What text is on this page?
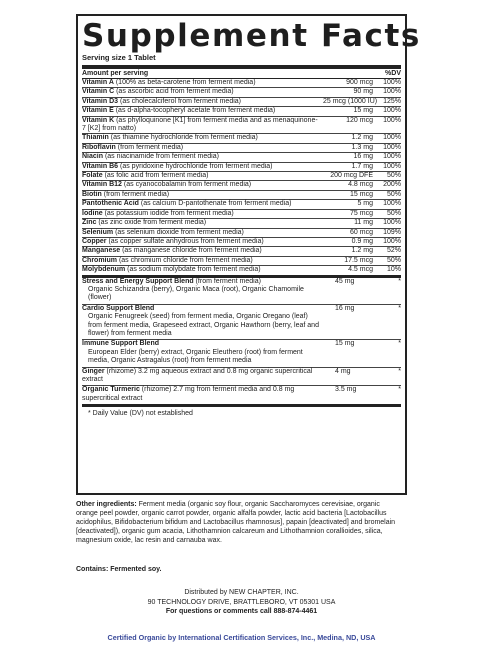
Supplement Facts
Serving size 1 Tablet
Amount per serving	%DV
Vitamin A (100% as beta-carotene from ferment media)	900 mcg	100%
Vitamin C (as ascorbic acid from ferment media)	90 mg	100%
Vitamin D3 (as cholecalciferol from ferment media)	25 mcg (1000 IU) 125%
Vitamin E (as d-alpha-tocopheryl acetate from ferment media)	15 mg	100%
Vitamin K (as phylloquinone [K1] from ferment media and as menaquinone-7 [K2] from natto)
120 mcg	100%
Thiamin (as thiamine hydrochloride from ferment media)	1.2 mg	100%
Riboflavin (from ferment media)	1.3 mg	100%
Niacin (as niacinamide from ferment media)	16 mg	100%
Vitamin B6 (as pyridoxine hydrochloride from ferment media)	1.7 mg	100%
Folate (as folic acid from ferment media)	200 mcg DFE	50%
Vitamin B12 (as cyanocobalamin from ferment media)	4.8 mcg	200%
Biotin (from ferment media)	15 mcg	50%
Pantothenic Acid (as calcium D-pantothenate from ferment media)	5 mg	100%
Iodine (as potassium iodide from ferment media)	75 mcg	50%
Zinc (as zinc oxide from ferment media)	11 mg	100%
Selenium (as selenium dioxide from ferment media)	60 mcg	109%
Copper (as copper sulfate anhydrous from ferment media)	0.9 mg	100%
Manganese (as manganese chloride from ferment media)	1.2 mg	52%
Chromium (as chromium chloride from ferment media)	17.5 mcg	50%
Molybdenum (as sodium molybdate from ferment media)	4.5 mcg	10%
Stress and Energy Support Blend (from ferment media)
Organic Schizandra (berry), Organic Maca (root), Organic Chamomile (flower)
45 mg	*
Cardio Support Blend
Organic Fenugreek (seed) from ferment media, Organic Oregano (leaf) from ferment media, Grapeseed extract, Organic Hawthorn (berry, leaf and flower) from ferment media
16 mg	*
Immune Support Blend
European Elder (berry) extract, Organic Eleuthero (root) from ferment media, Organic Astragalus (root) from ferment media
15 mg	*
Ginger (rhizome) 3.2 mg aqueous extract and 0.8 mg organic supercritical extract
4 mg	*
Organic Turmeric (rhizome) 2.7 mg from ferment media and 0.8 mg supercritical extract
3.5 mg	*
* Daily Value (DV) not established
Other ingredients: Ferment media (organic soy flour, organic Saccharomyces cerevisiae, organic orange peel powder, organic carrot powder, organic alfalfa powder, lactic acid bacteria [Lactobacillus acidophilus, Bifidobacterium bifidum and Lactobacillus rhamnosus], papain [deactivated] and bromelain [deactivated]), organic gum acacia, Lithothamnion calcareum and Lithothamnion corallioides, silica, magnesium oxide, lac resin and carnauba wax.
Contains: Fermented soy.
Distributed by NEW CHAPTER, INC.
90 TECHNOLOGY DRIVE, BRATTLEBORO, VT 05301 USA
For questions or comments call 888-874-4461
Certified Organic by International Certification Services, Inc., Medina, ND, USA
